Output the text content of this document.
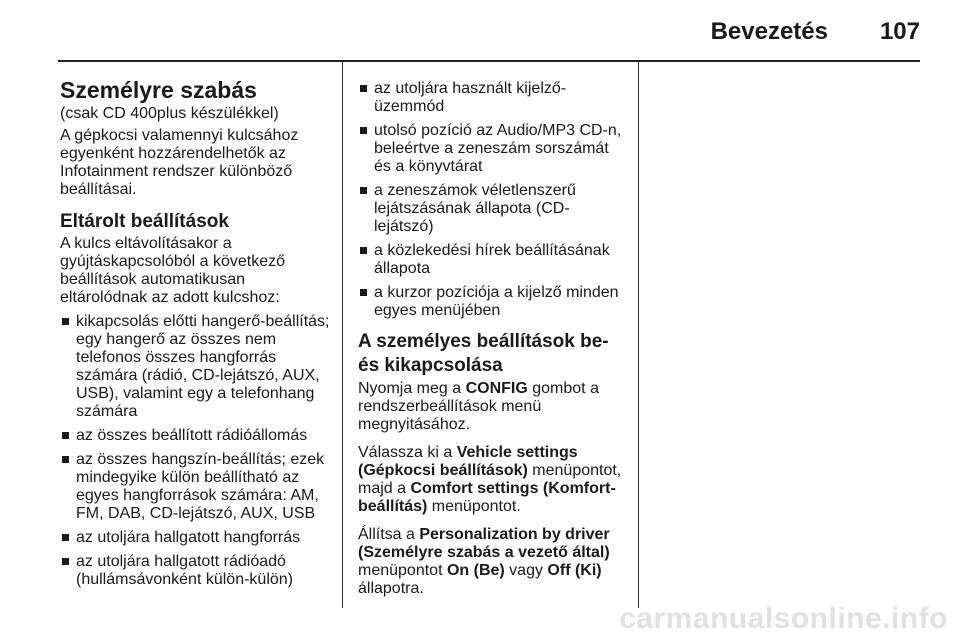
Bevezetés 107
Személyre szabás

(csak CD 400plus készülékkel)

A gépkocsi valamennyi kulcsához egyenként hozzárendelhetők az Infotainment rendszer különböző beállításai.

Eltárolt beállítások

A kulcs eltávolításakor a gyújtáskapcsolóból a következő beállítások automatikusan eltárolódnak az adott kulcshoz:

kikapcsolás előtti hangerő-beállítás; egy hangerő az összes nem telefonos összes hangforrás számára (rádió, CD-lejátszó, AUX, USB), valamint egy a telefonhang számára
az összes beállított rádióállomás
az összes hangszín-beállítás; ezek mindegyike külön beállítható az egyes hangforrások számára: AM, FM, DAB, CD-lejátszó, AUX, USB
az utoljára hallgatott hangforrás
az utoljára hallgatott rádióadó (hullámsávonként külön-külön)
az utoljára használt kijelző-üzemmód
utolsó pozíció az Audio/MP3 CD-n, beleértve a zeneszám sorszámát és a könyvtárat
a zeneszámok véletlenszerű lejátszásának állapota (CD-lejátszó)
a közlekedési hírek beállításának állapota
a kurzor pozíciója a kijelző minden egyes menüjében
A személyes beállítások be- és kikapcsolása

Nyomja meg a CONFIG gombot a rendszerbeállítások menü megnyitásához.

Válassza ki a Vehicle settings (Gépkocsi beállítások) menüpontot, majd a Comfort settings (Komfort-beállítás) menüpontot.

Állítsa a Personalization by driver (Személyre szabás a vezető által) menüpontot On (Be) vagy Off (Ki) állapotra.

carmanualsonline.info
